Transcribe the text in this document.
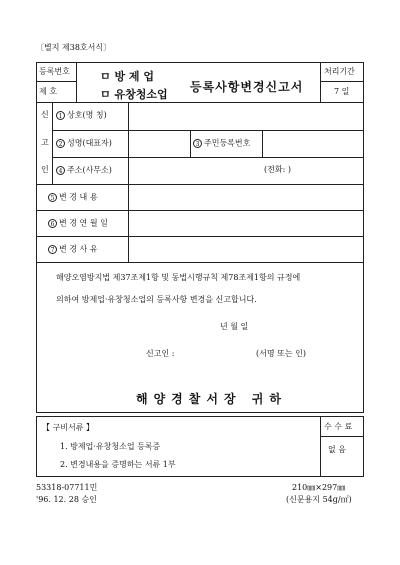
〔별지 제38호서식〕
등록번호
제 호
ㅁ 방 제 업
ㅁ 유창청소업
등록사항변경신고서
처리기간
7 일
신
고
인
1 상호(명 칭)
2 성명(대표자)	3 주민등록번호
4 주소(사무소)	(전화: )
5 변 경 내 용
6 변 경 연 월 일
7 변 경 사 유
해양오염방지법 제37조제1항 및 동법시행규칙 제78조제1항의 규정에
의하여 방제업·유창청소업의 등록사항 변경을 신고합니다.
년 월 일
신고인 :	(서명 또는 인)
해양경찰서장 귀하
【 구비서류 】
1. 방제업·유창청소업 등록증
2. 변경내용을 증명하는 서류 1부
수 수 료
없 음
53318-07711민
'96. 12. 28 승인
210㎜×297㎜
(신문용지 54g/㎡)
